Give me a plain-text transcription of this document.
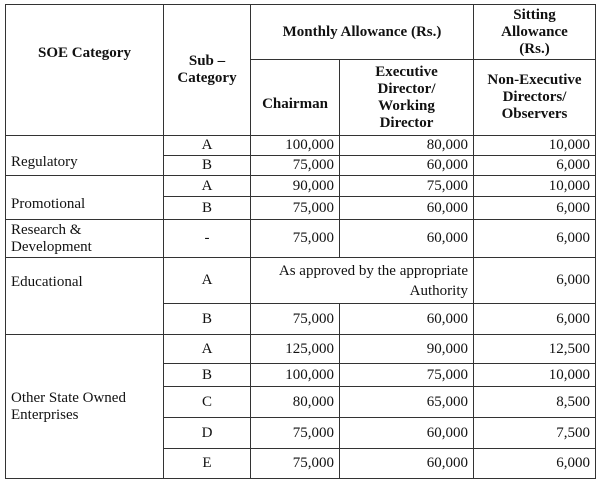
SOE Category	Sub – Category	Monthly Allowance (Rs.)		Sitting Allowance (Rs.)
		Chairman	Executive Director/ Working Director	Non-Executive Directors/ Observers
Regulatory	A	100,000	80,000	10,000
	B	75,000	60,000	6,000
Promotional	A	90,000	75,000	10,000
	B	75,000	60,000	6,000
Research & Development	-	75,000	60,000	6,000
Educational	A	As approved by the appropriate Authority		6,000
	B	75,000	60,000	6,000
Other State Owned Enterprises	A	125,000	90,000	12,500
	B	100,000	75,000	10,000
	C	80,000	65,000	8,500
	D	75,000	60,000	7,500
	E	75,000	60,000	6,000
